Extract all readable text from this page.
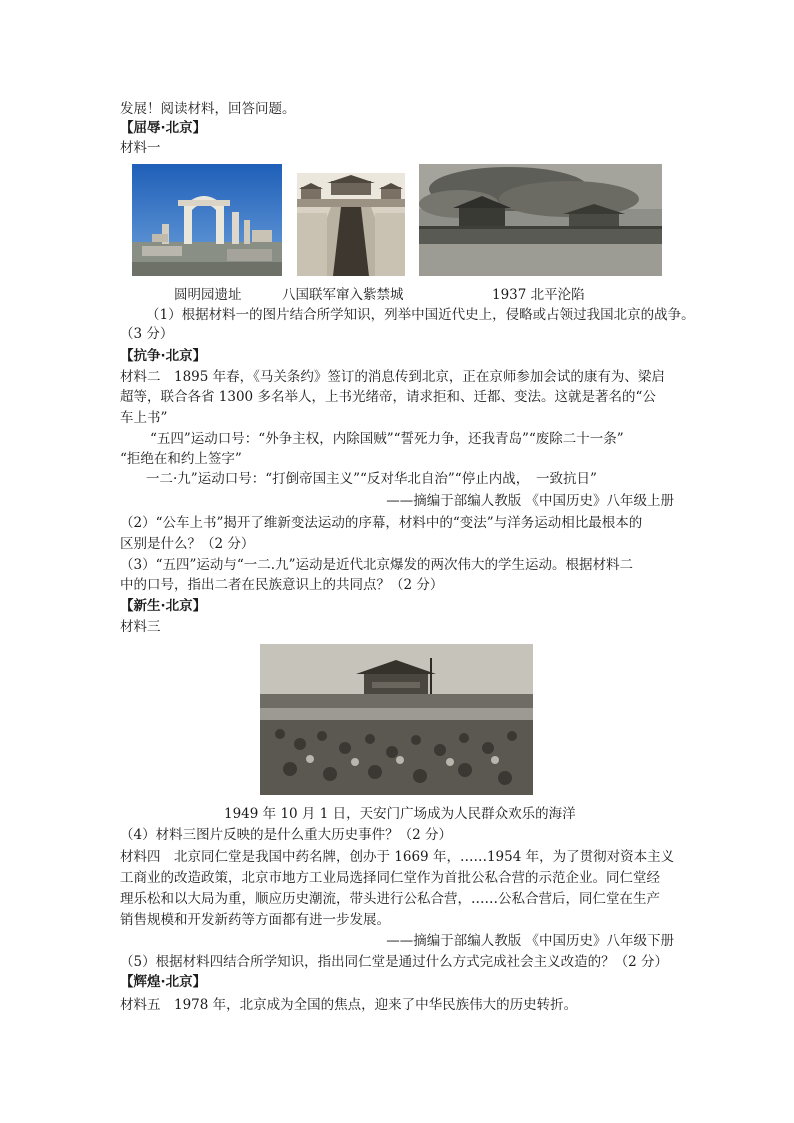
发展！阅读材料，回答问题。
【屈辱·北京】
材料一
圆明园遗址	八国联军窜入紫禁城	1937 北平沦陷
（1）根据材料一的图片结合所学知识，列举中国近代史上，侵略或占领过我国北京的战争。
（3 分）
【抗争·北京】
材料二　1895 年春，《马关条约》签订的消息传到北京，正在京师参加会试的康有为、梁启
超等，联合各省 1300 多名举人，上书光绪帝，请求拒和、迁都、变法。这就是著名的“公
车上书”
“五四”运动口号：“外争主权，内除国贼”“誓死力争，还我青岛”“废除二十一条”
“拒绝在和约上签字”
一二·九”运动口号：“打倒帝国主义”“反对华北自治”“停止内战，　一致抗日”
——摘编于部编人教版 《中国历史》八年级上册
（2）“公车上书”揭开了维新变法运动的序幕，材料中的“变法”与洋务运动相比最根本的
区别是什么？（2 分）
（3）“五四”运动与“一二.九”运动是近代北京爆发的两次伟大的学生运动。根据材料二
中的口号，指出二者在民族意识上的共同点？（2 分）
【新生·北京】
材料三
1949 年 10 月 1 日，天安门广场成为人民群众欢乐的海洋
（4）材料三图片反映的是什么重大历史事件？（2 分）
材料四　北京同仁堂是我国中药名牌，创办于 1669 年，……1954 年，为了贯彻对资本主义
工商业的改造政策，北京市地方工业局选择同仁堂作为首批公私合营的示范企业。同仁堂经
理乐松和以大局为重，顺应历史潮流，带头进行公私合营，……公私合营后，同仁堂在生产
销售规模和开发新药等方面都有进一步发展。
——摘编于部编人教版 《中国历史》八年级下册
（5）根据材料四结合所学知识，指出同仁堂是通过什么方式完成社会主义改造的？（2 分）
【辉煌·北京】
材料五　1978 年，北京成为全国的焦点，迎来了中华民族伟大的历史转折。
